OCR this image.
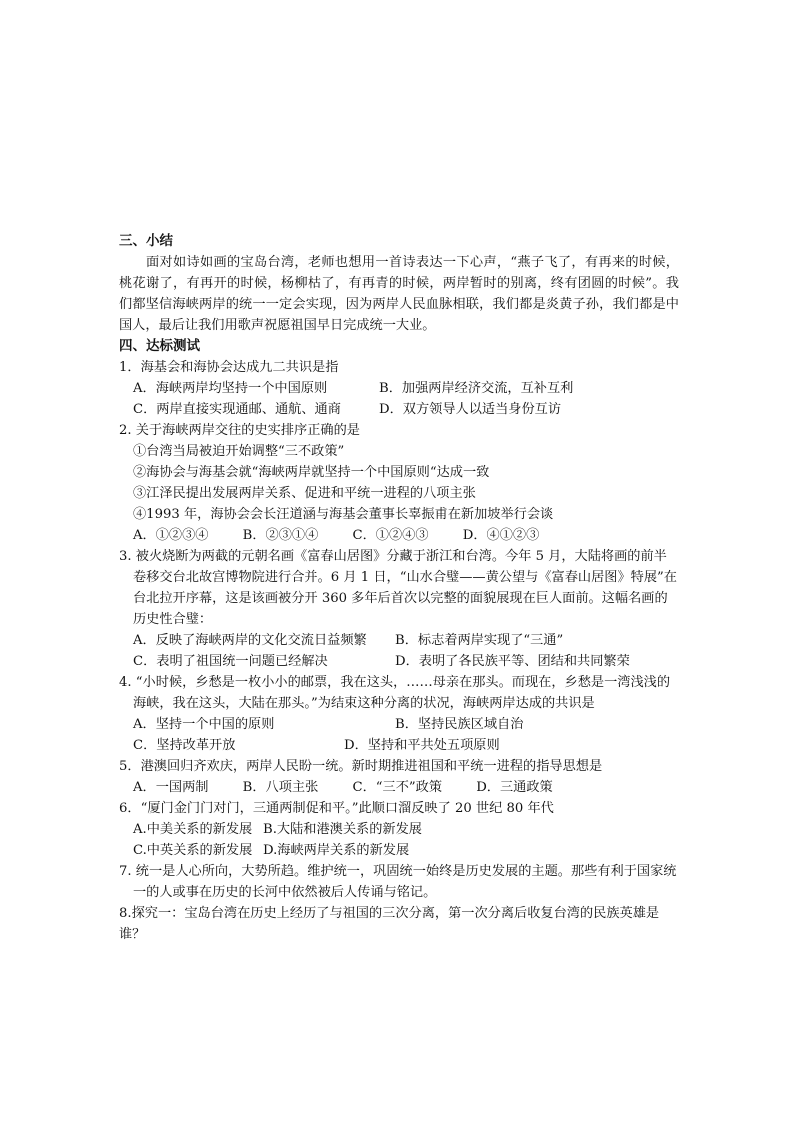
三、小结

面对如诗如画的宝岛台湾，老师也想用一首诗表达一下心声，“燕子飞了，有再来的时候，桃花谢了，有再开的时候，杨柳枯了，有再青的时候，两岸暂时的别离，终有团圆的时候”。我们都坚信海峡两岸的统一一定会实现，因为两岸人民血脉相联，我们都是炎黄子孙，我们都是中国人，最后让我们用歌声祝愿祖国早日完成统一大业。

四、达标测试

1．海基会和海协会达成九二共识是指

A．海峡两岸均坚持一个中国原则	B．加强两岸经济交流，互补互利
C．两岸直接实现通邮、通航、通商	D．双方领导人以适当身份互访

2. 关于海峡两岸交往的史实排序正确的是

①台湾当局被迫开始调整“三不政策”

②海协会与海基会就“海峡两岸就坚持一个中国原则“达成一致

③江泽民提出发展两岸关系、促进和平统一进程的八项主张

④1993 年，海协会会长汪道涵与海基会董事长辜振甫在新加坡举行会谈

A．①②③④	B．②③①④	C．①②④③	D．④①②③

3. 被火烧断为两截的元朝名画《富春山居图》分藏于浙江和台湾。今年 5 月，大陆将画的前半卷移交台北故宫博物院进行合并。6 月 1 日，“山水合璧——黄公望与《富春山居图》特展”在台北拉开序幕，这是该画被分开 360 多年后首次以完整的面貌展现在巨人面前。这幅名画的历史性合璧：

A．反映了海峡两岸的文化交流日益频繁	B．标志着两岸实现了“三通”
C．表明了祖国统一问题已经解决	D．表明了各民族平等、团结和共同繁荣

4. “小时候，乡愁是一枚小小的邮票，我在这头，……母亲在那头。而现在，乡愁是一湾浅浅的海峡，我在这头，大陆在那头。”为结束这种分离的状况，海峡两岸达成的共识是

A．坚持一个中国的原则	B．坚持民族区域自治
C．坚持改革开放	D．坚持和平共处五项原则

5．港澳回归齐欢庆，两岸人民盼一统。新时期推进祖国和平统一进程的指导思想是

A．一国两制	B．八项主张	C．“三不”政策	D．三通政策

6．“厦门金门门对门，三通两制促和平。”此顺口溜反映了 20 世纪 80 年代

A.中美关系的新发展 B.大陆和港澳关系的新发展
C.中英关系的新发展 D.海峡两岸关系的新发展

7. 统一是人心所向，大势所趋。维护统一，巩固统一始终是历史发展的主题。那些有利于国家统一的人或事在历史的长河中依然被后人传诵与铭记。

8.探究一：宝岛台湾在历史上经历了与祖国的三次分离，第一次分离后收复台湾的民族英雄是谁？
